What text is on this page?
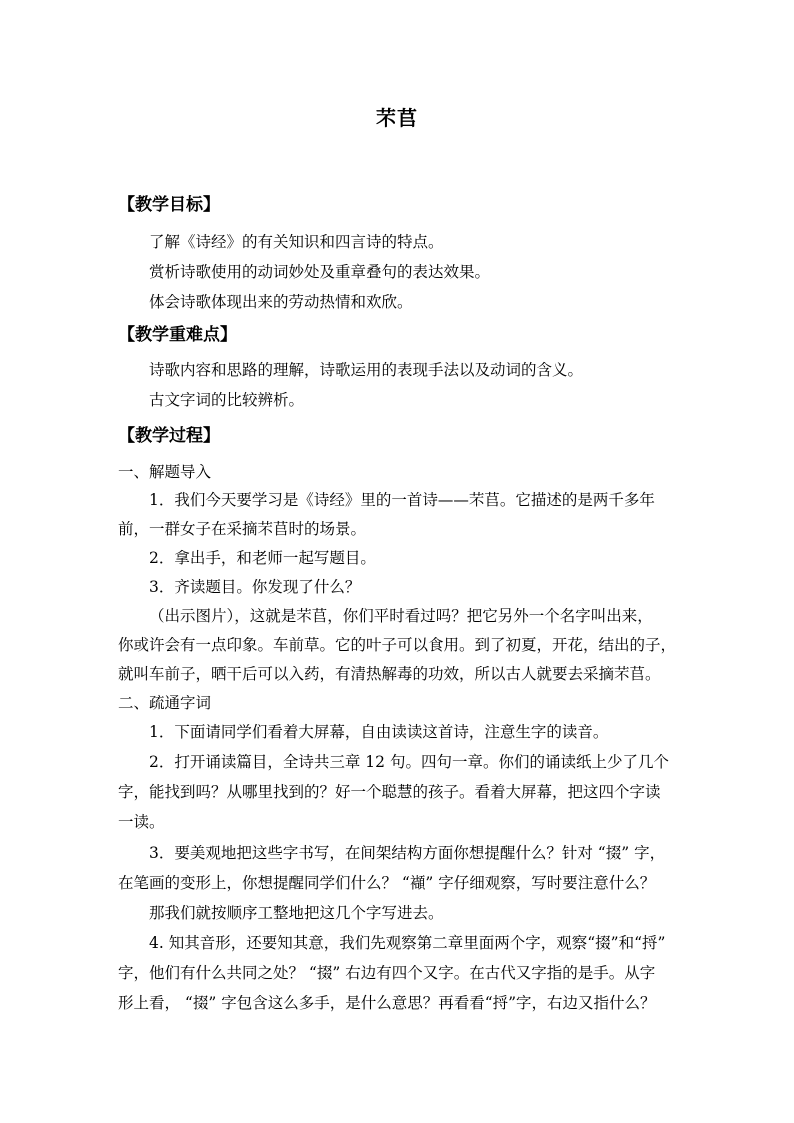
芣苢
【教学目标】
了解《诗经》的有关知识和四言诗的特点。
赏析诗歌使用的动词妙处及重章叠句的表达效果。
体会诗歌体现出来的劳动热情和欢欣。
【教学重难点】
诗歌内容和思路的理解，诗歌运用的表现手法以及动词的含义。
古文字词的比较辨析。
【教学过程】
一、解题导入
1．我们今天要学习是《诗经》里的一首诗——芣苢。它描述的是两千多年
前，一群女子在采摘芣苢时的场景。
2．拿出手，和老师一起写题目。
3．齐读题目。你发现了什么？
（出示图片），这就是芣苢，你们平时看过吗？把它另外一个名字叫出来，
你或许会有一点印象。车前草。它的叶子可以食用。到了初夏，开花，结出的子，
就叫车前子，晒干后可以入药，有清热解毒的功效，所以古人就要去采摘芣苢。
二、疏通字词
1．下面请同学们看着大屏幕，自由读读这首诗，注意生字的读音。
2．打开诵读篇目，全诗共三章 12 句。四句一章。你们的诵读纸上少了几个
字，能找到吗？从哪里找到的？好一个聪慧的孩子。看着大屏幕，把这四个字读
一读。
3．要美观地把这些字书写，在间架结构方面你想提醒什么？针对 “掇” 字，
在笔画的变形上，你想提醒同学们什么？ “襭” 字仔细观察，写时要注意什么？
那我们就按顺序工整地把这几个字写进去。
4. 知其音形，还要知其意，我们先观察第二章里面两个字，观察“掇”和“捋”
字，他们有什么共同之处？ “掇” 右边有四个又字。在古代又字指的是手。从字
形上看， “掇” 字包含这么多手，是什么意思？再看看“捋”字，右边又指什么？
